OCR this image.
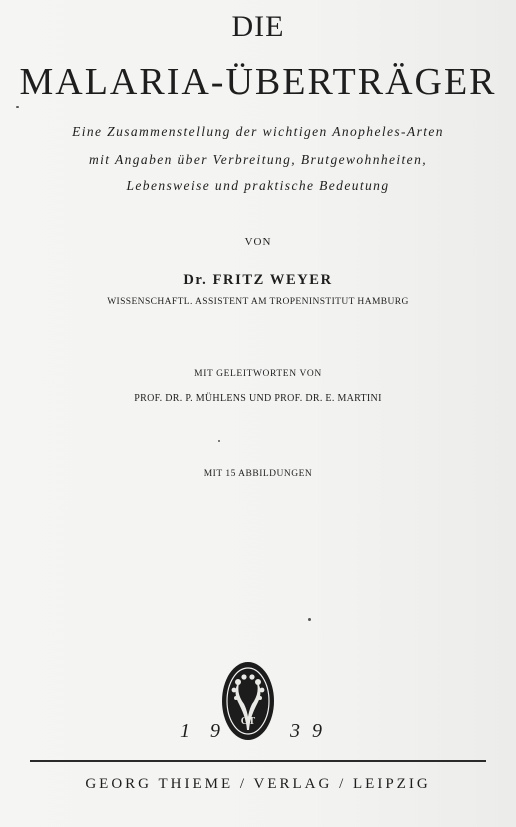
DIE
MALARIA-ÜBERTRÄGER
Eine Zusammenstellung der wichtigen Anopheles-Arten
mit Angaben über Verbreitung, Brutgewohnheiten,
Lebensweise und praktische Bedeutung
VON
Dr. FRITZ WEYER
WISSENSCHAFTL. ASSISTENT AM TROPENINSTITUT HAMBURG
MIT GELEITWORTEN VON
PROF. DR. P. MÜHLENS UND PROF. DR. E. MARTINI
MIT 15 ABBILDUNGEN
GT
1 9	3 9
GEORG THIEME / VERLAG / LEIPZIG
